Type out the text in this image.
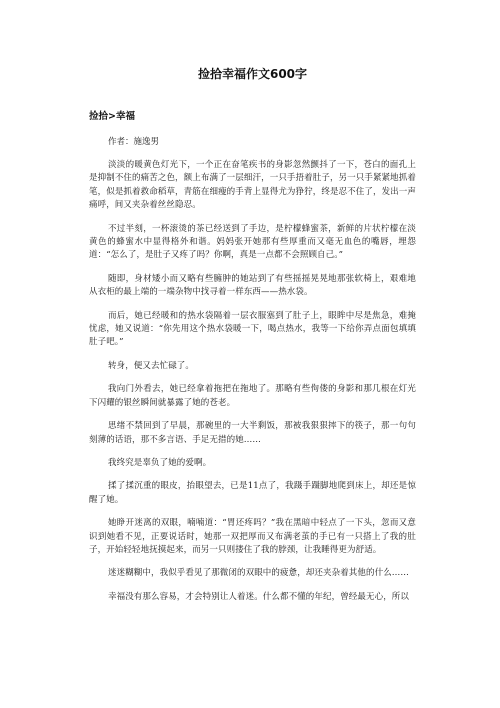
捡拾幸福作文600字
捡拾>幸福

作者：施逸男

淡淡的暖黄色灯光下，一个正在奋笔疾书的身影忽然颤抖了一下，苍白的面孔上是抑制不住的痛苦之色，额上布满了一层细汗，一只手捂着肚子，另一只手紧紧地抓着笔，似是抓着救命稻草，青筋在细瘦的手背上显得尤为狰狞，终是忍不住了，发出一声痛呼，间又夹杂着丝丝隐忍。

不过半刻，一杯滚烫的茶已经送到了手边，是柠檬蜂蜜茶，新鲜的片状柠檬在淡黄色的蜂蜜水中显得格外和谐。妈妈张开她那有些厚重而又毫无血色的嘴唇，埋怨道：“怎么了，是肚子又疼了吗？你啊，真是一点都不会照顾自己。”

随即，身材矮小而又略有些臃肿的她站到了有些摇摇晃晃地那张软椅上，艰难地从衣柜的最上端的一端杂物中找寻着一样东西——热水袋。

而后，她已经暖和的热水袋隔着一层衣服塞到了肚子上，眼眸中尽是焦急，难掩忧虑，她又说道：“你先用这个热水袋暖一下，喝点热水，我等一下给你弄点面包填填肚子吧。”

转身，便又去忙碌了。

我向门外看去，她已经拿着拖把在拖地了。那略有些佝偻的身影和那几根在灯光下闪耀的银丝瞬间就暴露了她的苍老。

思绪不禁回到了早晨，那碗里的一大半剩饭，那被我狠狠摔下的筷子，那一句句刻薄的话语，那不多言语、手足无措的她……

我终究是辜负了她的爱啊。

揉了揉沉重的眼皮，抬眼望去，已是11点了，我蹑手蹑脚地爬到床上，却还是惊醒了她。

她睁开迷离的双眼，喃喃道：“胃还疼吗？”我在黑暗中轻点了一下头，忽而又意识到她看不见，正要说话时，她那一双把厚而又布满老茧的手已有一只搭上了我的肚子，开始轻轻地抚摸起来，而另一只则搂住了我的脖颈，让我睡得更为舒适。

迷迷糊糊中，我似乎看见了那微闭的双眼中的疲惫，却还夹杂着其他的什么……

幸福没有那么容易，才会特别让人着迷。什么都不懂的年纪，曾经最无心，所以
